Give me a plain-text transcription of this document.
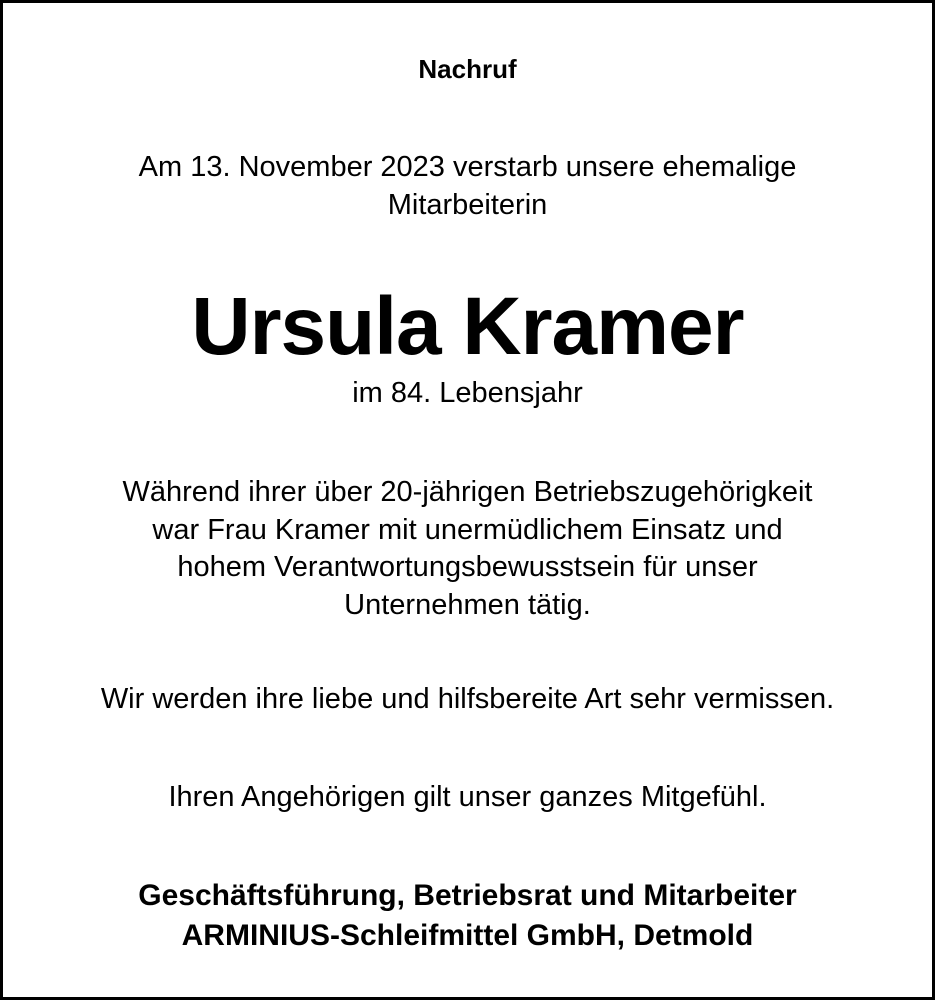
Nachruf
Am 13. November 2023 verstarb unsere ehemalige
Mitarbeiterin
Ursula Kramer
im 84. Lebensjahr
Während ihrer über 20-jährigen Betriebszugehörigkeit
war Frau Kramer mit unermüdlichem Einsatz und
hohem Verantwortungsbewusstsein für unser
Unternehmen tätig.
Wir werden ihre liebe und hilfsbereite Art sehr vermissen.
Ihren Angehörigen gilt unser ganzes Mitgefühl.
Geschäftsführung, Betriebsrat und Mitarbeiter
ARMINIUS-Schleifmittel GmbH, Detmold
